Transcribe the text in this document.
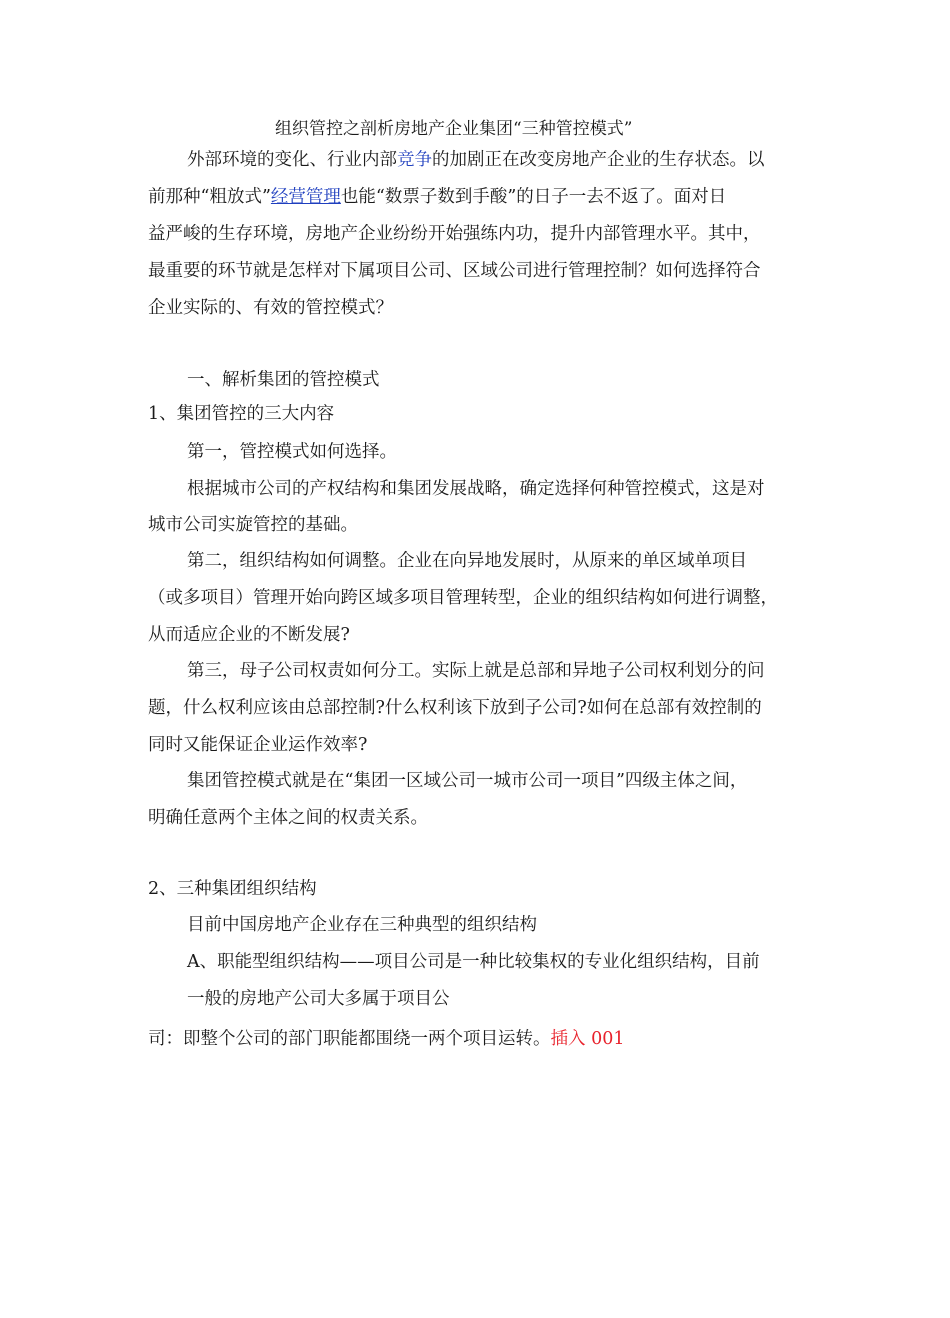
组织管控之剖析房地产企业集团“三种管控模式”
外部环境的变化、行业内部竞争的加剧正在改变房地产企业的生存状态。以
前那种“粗放式”经营管理也能“数票子数到手酸”的日子一去不返了。面对日
益严峻的生存环境，房地产企业纷纷开始强练内功，提升内部管理水平。其中，
最重要的环节就是怎样对下属项目公司、区域公司进行管理控制？如何选择符合
企业实际的、有效的管控模式？
一、解析集团的管控模式
1、集团管控的三大内容
第一，管控模式如何选择。
根据城市公司的产权结构和集团发展战略，确定选择何种管控模式，这是对
城市公司实旋管控的基础。
第二，组织结构如何调整。企业在向异地发展时，从原来的单区域单项目
（或多项目）管理开始向跨区域多项目管理转型，企业的组织结构如何进行调整，
从而适应企业的不断发展?
第三，母子公司权责如何分工。实际上就是总部和异地子公司权利划分的问
题，什么权利应该由总部控制?什么权利该下放到子公司?如何在总部有效控制的
同时又能保证企业运作效率?
集团管控模式就是在“集团一区域公司一城市公司一项目”四级主体之间，
明确任意两个主体之间的权责关系。
2、三种集团组织结构
目前中国房地产企业存在三种典型的组织结构
A、职能型组织结构——项目公司是一种比较集权的专业化组织结构，目前
一般的房地产公司大多属于项目公
司：即整个公司的部门职能都围绕一两个项目运转。插入 001
